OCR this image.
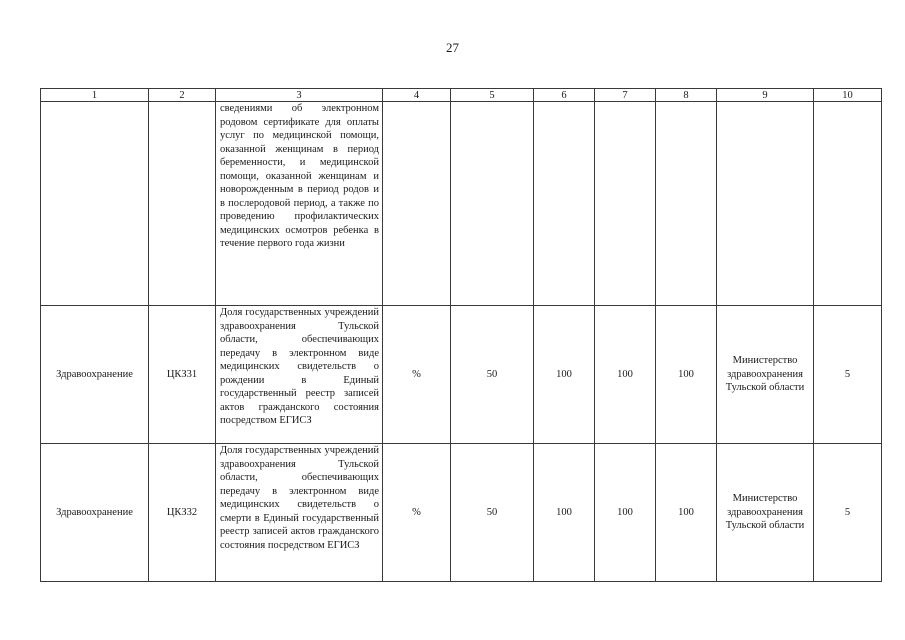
27
1	2	3	4	5	6	7	8	9	10
		сведениями об электронном родовом сертификате для оплаты услуг по медицинской помощи, оказанной женщинам в период беременности, и медицинской помощи, оказанной женщинам и новорожденным в период родов и в послеродовой период, а также по проведению профилактических медицинских осмотров ребенка в течение первого года жизни							
Здравоохранение	ЦКЗ31	Доля государственных учреждений здравоохранения Тульской области, обеспечивающих передачу в электронном виде медицинских свидетельств о рождении в Единый государственный реестр записей актов гражданского состояния посредством ЕГИСЗ	%	50	100	100	100	Министерство здравоохранения Тульской области	5
Здравоохранение	ЦКЗ32	Доля государственных учреждений здравоохранения Тульской области, обеспечивающих передачу в электронном виде медицинских свидетельств о смерти в Единый государственный реестр записей актов гражданского состояния посредством ЕГИСЗ	%	50	100	100	100	Министерство здравоохранения Тульской области	5
